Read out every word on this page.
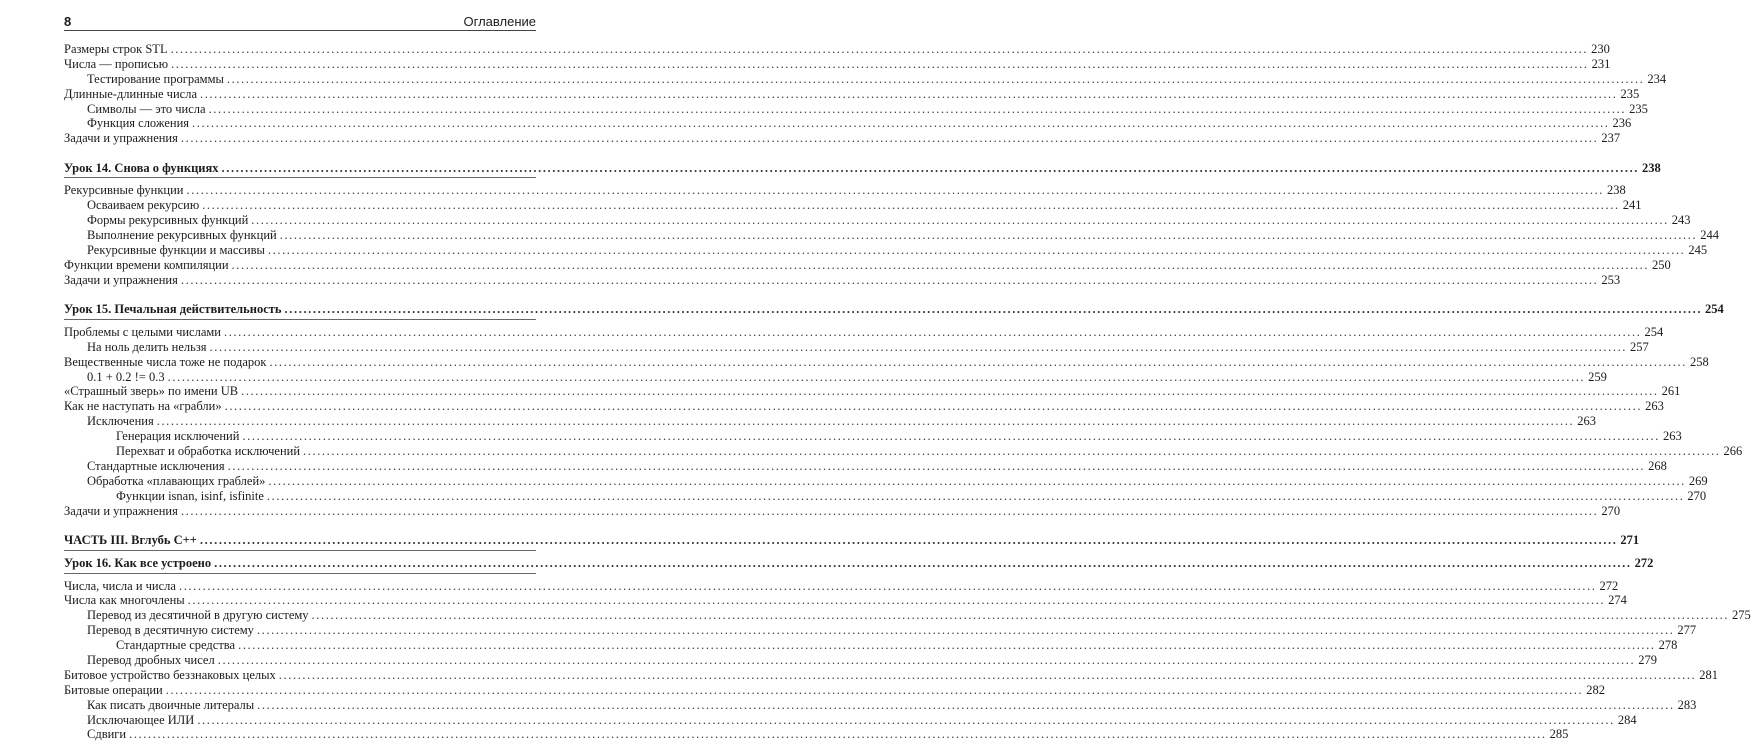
8	Оглавление
Размеры строк STL ............................................................................................................................................................................................................................................................................................................ 230
Числа — прописью ............................................................................................................................................................................................................................................................................................................ 231
Тестирование программы ............................................................................................................................................................................................................................................................................................................ 234
Длинные-длинные числа ............................................................................................................................................................................................................................................................................................................ 235
Символы — это числа ............................................................................................................................................................................................................................................................................................................ 235
Функция сложения ............................................................................................................................................................................................................................................................................................................ 236
Задачи и упражнения ............................................................................................................................................................................................................................................................................................................ 237
Урок 14. Снова о функциях ............................................................................................................................................................................................................................................................................................................ 238
Рекурсивные функции ............................................................................................................................................................................................................................................................................................................ 238
Осваиваем рекурсию ............................................................................................................................................................................................................................................................................................................ 241
Формы рекурсивных функций ............................................................................................................................................................................................................................................................................................................ 243
Выполнение рекурсивных функций ............................................................................................................................................................................................................................................................................................................ 244
Рекурсивные функции и массивы ............................................................................................................................................................................................................................................................................................................ 245
Функции времени компиляции ............................................................................................................................................................................................................................................................................................................ 250
Задачи и упражнения ............................................................................................................................................................................................................................................................................................................ 253
Урок 15. Печальная действительность ............................................................................................................................................................................................................................................................................................................ 254
Проблемы с целыми числами ............................................................................................................................................................................................................................................................................................................ 254
На ноль делить нельзя ............................................................................................................................................................................................................................................................................................................ 257
Вещественные числа тоже не подарок ............................................................................................................................................................................................................................................................................................................ 258
0.1 + 0.2 != 0.3 ............................................................................................................................................................................................................................................................................................................ 259
«Страшный зверь» по имени UB ............................................................................................................................................................................................................................................................................................................ 261
Как не наступать на «грабли» ............................................................................................................................................................................................................................................................................................................ 263
Исключения ............................................................................................................................................................................................................................................................................................................ 263
Генерация исключений ............................................................................................................................................................................................................................................................................................................ 263
Перехват и обработка исключений ............................................................................................................................................................................................................................................................................................................ 266
Стандартные исключения ............................................................................................................................................................................................................................................................................................................ 268
Обработка «плавающих граблей» ............................................................................................................................................................................................................................................................................................................ 269
Функции isnan, isinf, isfinite ............................................................................................................................................................................................................................................................................................................ 270
Задачи и упражнения ............................................................................................................................................................................................................................................................................................................ 270
ЧАСТЬ III. Вглубь C++ ............................................................................................................................................................................................................................................................................................................ 271
Урок 16. Как все устроено ............................................................................................................................................................................................................................................................................................................ 272
Числа, числа и числа ............................................................................................................................................................................................................................................................................................................ 272
Числа как многочлены ............................................................................................................................................................................................................................................................................................................ 274
Перевод из десятичной в другую систему ............................................................................................................................................................................................................................................................................................................ 275
Перевод в десятичную систему ............................................................................................................................................................................................................................................................................................................ 277
Стандартные средства ............................................................................................................................................................................................................................................................................................................ 278
Перевод дробных чисел ............................................................................................................................................................................................................................................................................................................ 279
Битовое устройство беззнаковых целых ............................................................................................................................................................................................................................................................................................................ 281
Битовые операции ............................................................................................................................................................................................................................................................................................................ 282
Как писать двоичные литералы ............................................................................................................................................................................................................................................................................................................ 283
Исключающее ИЛИ ............................................................................................................................................................................................................................................................................................................ 284
Сдвиги ............................................................................................................................................................................................................................................................................................................ 285
